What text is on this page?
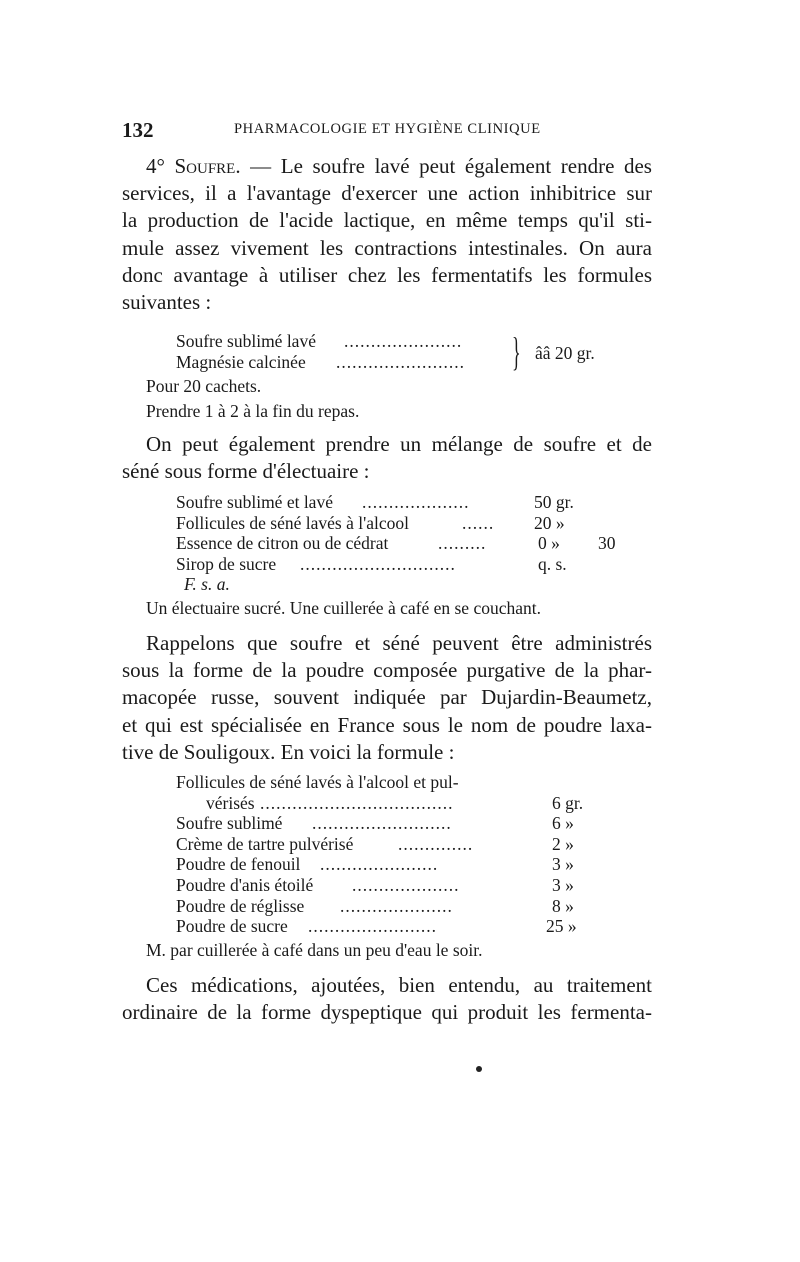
132	PHARMACOLOGIE ET HYGIÈNE CLINIQUE
4° Soufre. — Le soufre lavé peut également rendre des
services, il a l'avantage d'exercer une action inhibitrice sur
la production de l'acide lactique, en même temps qu'il sti-
mule assez vivement les contractions intestinales. On aura
donc avantage à utiliser chez les fermentatifs les formules
suivantes :
Soufre sublimé lavé ......................
Magnésie calcinée ........................	} ââ 20 gr.
Pour 20 cachets.
Prendre 1 à 2 à la fin du repas.
On peut également prendre un mélange de soufre et de
séné sous forme d'électuaire :
Soufre sublimé et lavé ....................	50 gr.
Follicules de séné lavés à l'alcool	......	20 »
Essence de citron ou de cédrat	.........	0 » 30
Sirop de sucre .............................	q. s.
F. s. a.
Un électuaire sucré. Une cuillerée à café en se couchant.
Rappelons que soufre et séné peuvent être administrés
sous la forme de la poudre composée purgative de la phar-
macopée russe, souvent indiquée par Dujardin-Beaumetz,
et qui est spécialisée en France sous le nom de poudre laxa-
tive de Souligoux. En voici la formule :
Follicules de séné lavés à l'alcool et pul-
vérisés ....................................	6 gr.
Soufre sublimé ..........................	6 »
Crème de tartre pulvérisé	..............	2 »
Poudre de fenouil ......................	3 »
Poudre d'anis étoilé ....................	3 »
Poudre de réglisse .....................	8 »
Poudre de sucre ........................	25 »
M. par cuillerée à café dans un peu d'eau le soir.
Ces médications, ajoutées, bien entendu, au traitement
ordinaire de la forme dyspeptique qui produit les fermenta-
